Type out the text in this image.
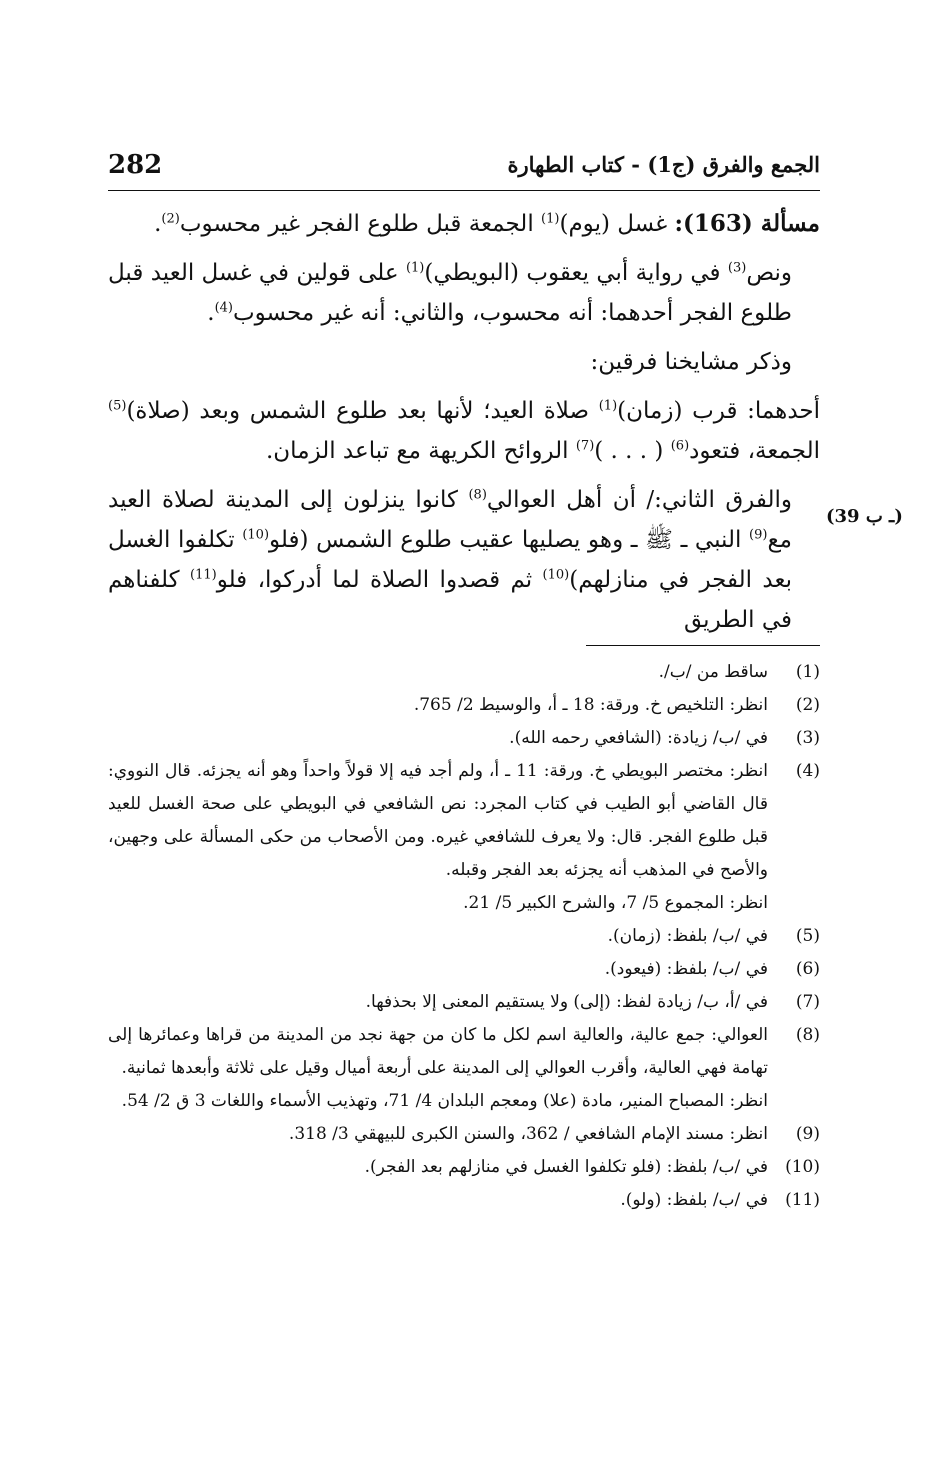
282	الجمع والفرق (ج1) - كتاب الطهارة
(39 ـ ب)

مسألة (163): غسل (يوم)$^{(1)}$ الجمعة قبل طلوع الفجر غير محسوب$^{(2)}$.

ونص$^{(3)}$ في رواية أبي يعقوب (البويطي)$^{(1)}$ على قولين في غسل العيد قبل طلوع الفجر أحدهما: أنه محسوب، والثاني: أنه غير محسوب$^{(4)}$.

وذكر مشايخنا فرقين:

أحدهما: قرب (زمان)$^{(1)}$ صلاة العيد؛ لأنها بعد طلوع الشمس وبعد (صلاة)$^{(5)}$ الجمعة، فتعود$^{(6)}$ ( . . . )$^{(7)}$ الروائح الكريهة مع تباعد الزمان.

والفرق الثاني:/ أن أهل العوالي$^{(8)}$ كانوا ينزلون إلى المدينة لصلاة العيد مع$^{(9)}$ النبي ـ ﷺ ـ وهو يصليها عقيب طلوع الشمس (فلو$^{(10)}$ تكلفوا الغسل بعد الفجر في منازلهم)$^{(10)}$ ثم قصدوا الصلاة لما أدركوا، فلو$^{(11)}$ كلفناهم في الطريق

(1)
ساقط من /ب/.
(2)
انظر: التلخيص خ. ورقة: 18 ـ أ، والوسيط 2/ 765.
(3)
في /ب/ زيادة: (الشافعي رحمه الله).
(4)
انظر: مختصر البويطي خ. ورقة: 11 ـ أ، ولم أجد فيه إلا قولاً واحداً وهو أنه يجزئه. قال النووي: قال القاضي أبو الطيب في كتاب المجرد: نص الشافعي في البويطي على صحة الغسل للعيد قبل طلوع الفجر. قال: ولا يعرف للشافعي غيره. ومن الأصحاب من حكى المسألة على وجهين، والأصح في المذهب أنه يجزئه بعد الفجر وقبله.
انظر: المجموع 5/ 7، والشرح الكبير 5/ 21.
(5)
في /ب/ بلفظ: (زمان).
(6)
في /ب/ بلفظ: (فيعود).
(7)
في /أ، ب/ زيادة لفظ: (إلى) ولا يستقيم المعنى إلا بحذفها.
(8)
العوالي: جمع عالية، والعالية اسم لكل ما كان من جهة نجد من المدينة من قراها وعمائرها إلى تهامة فهي العالية، وأقرب العوالي إلى المدينة على أربعة أميال وقيل على ثلاثة وأبعدها ثمانية.
انظر: المصباح المنير، مادة (علا) ومعجم البلدان 4/ 71، وتهذيب الأسماء واللغات 3 ق 2/ 54.
(9)
انظر: مسند الإمام الشافعي / 362، والسنن الكبرى للبيهقي 3/ 318.
(10)
في /ب/ بلفظ: (فلو تكلفوا الغسل في منازلهم بعد الفجر).
(11)
في /ب/ بلفظ: (ولو).
